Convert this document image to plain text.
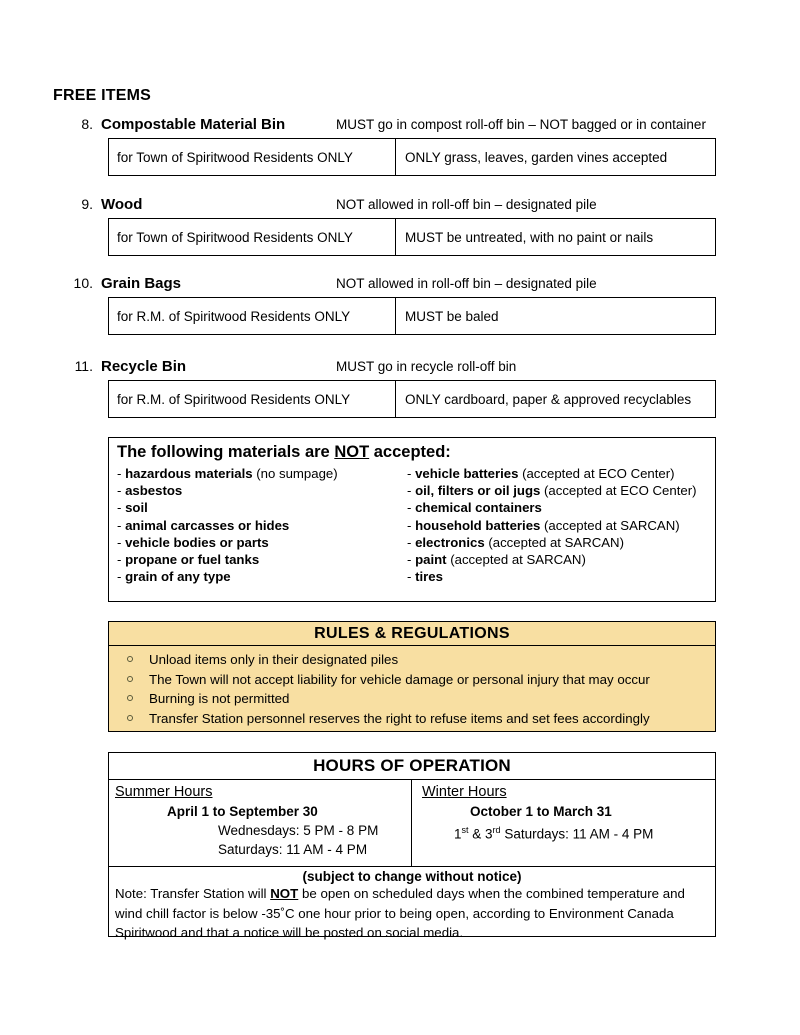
FREE ITEMS
8. Compostable Material Bin	MUST go in compost roll-off bin – NOT bagged or in container
for Town of Spiritwood Residents ONLY	ONLY grass, leaves, garden vines accepted
9. Wood	NOT allowed in roll-off bin – designated pile
for Town of Spiritwood Residents ONLY	MUST be untreated, with no paint or nails
10. Grain Bags	NOT allowed in roll-off bin – designated pile
for R.M. of Spiritwood Residents ONLY	MUST be baled
11. Recycle Bin	MUST go in recycle roll-off bin
for R.M. of Spiritwood Residents ONLY	ONLY cardboard, paper & approved recyclables
The following materials are NOT accepted:
- hazardous materials (no sumpage)
- asbestos
- soil
- animal carcasses or hides
- vehicle bodies or parts
- propane or fuel tanks
- grain of any type
- vehicle batteries (accepted at ECO Center)
- oil, filters or oil jugs (accepted at ECO Center)
- chemical containers
- household batteries (accepted at SARCAN)
- electronics (accepted at SARCAN)
- paint (accepted at SARCAN)
- tires
RULES & REGULATIONS
Unload items only in their designated piles
The Town will not accept liability for vehicle damage or personal injury that may occur
Burning is not permitted
Transfer Station personnel reserves the right to refuse items and set fees accordingly
HOURS OF OPERATION
Summer Hours
April 1 to September 30
Wednesdays: 5 PM - 8 PM
Saturdays: 11 AM - 4 PM
Winter Hours
October 1 to March 31
1st & 3rd Saturdays: 11 AM - 4 PM
(subject to change without notice)
Note: Transfer Station will NOT be open on scheduled days when the combined temperature and wind chill factor is below -35˚C one hour prior to being open, according to Environment Canada Spiritwood and that a notice will be posted on social media.
